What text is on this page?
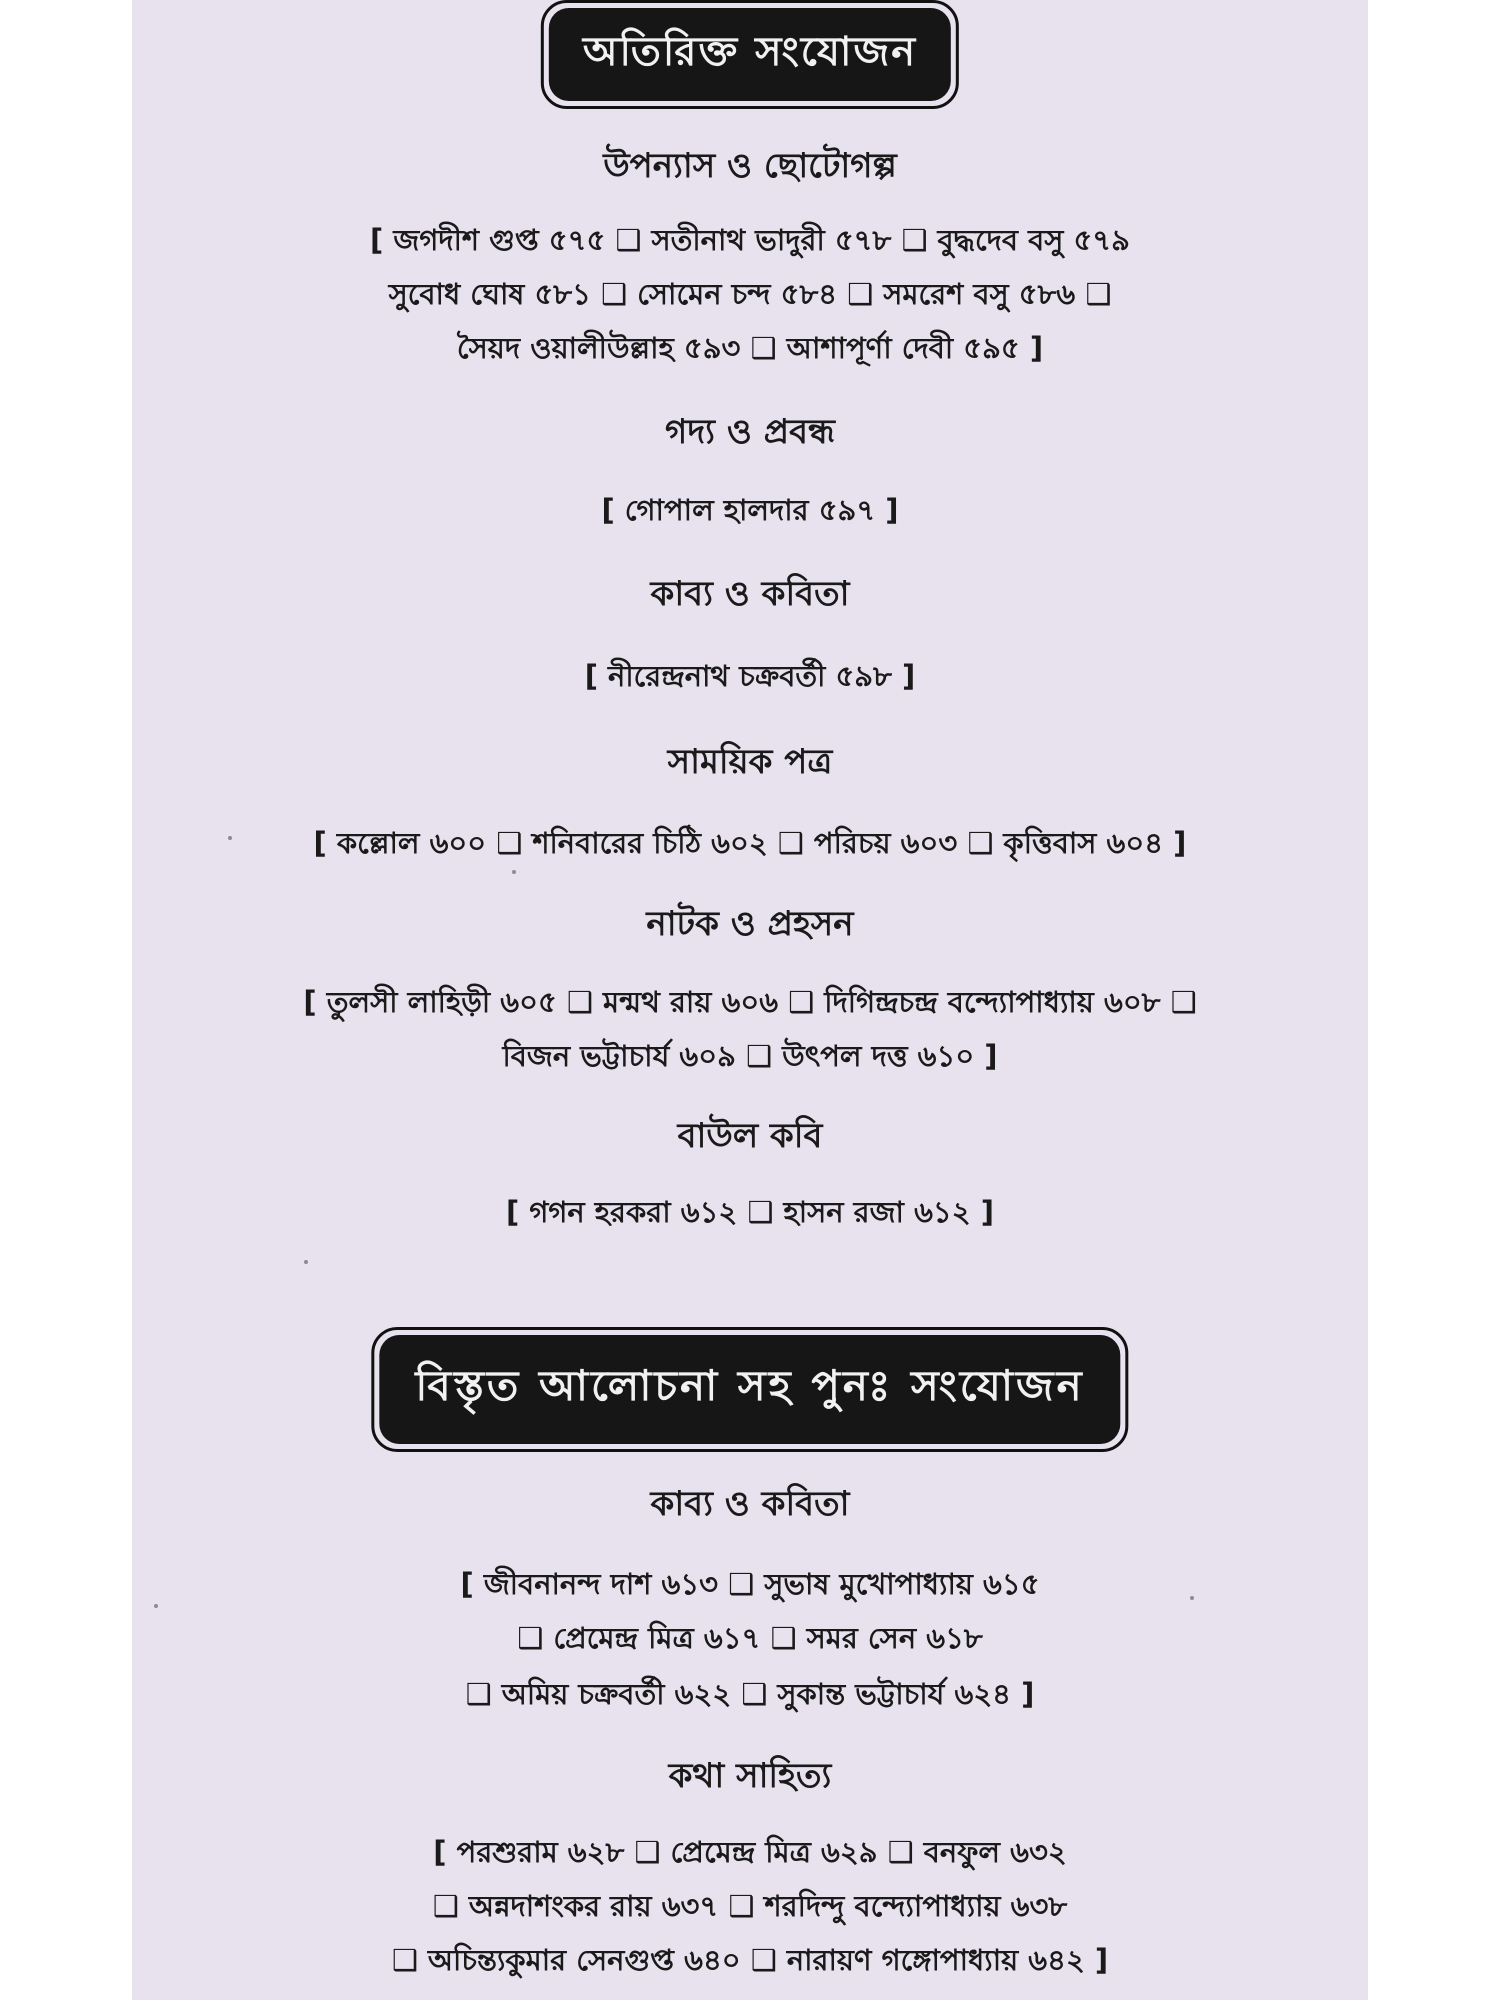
অতিরিক্ত সংযোজন
উপন্যাস ও ছোটোগল্প
[ জগদীশ গুপ্ত ৫৭৫ ❑ সতীনাথ ভাদুরী ৫৭৮ ❑ বুদ্ধদেব বসু ৫৭৯
সুবোধ ঘোষ ৫৮১ ❑ সোমেন চন্দ ৫৮৪ ❑ সমরেশ বসু ৫৮৬ ❑
সৈয়দ ওয়ালীউল্লাহ ৫৯৩ ❑ আশাপূর্ণা দেবী ৫৯৫ ]
গদ্য ও প্রবন্ধ
[ গোপাল হালদার ৫৯৭ ]
কাব্য ও কবিতা
[ নীরেন্দ্রনাথ চক্রবর্তী ৫৯৮ ]
সাময়িক পত্র
[ কল্লোল ৬০০ ❑ শনিবারের চিঠি ৬০২ ❑ পরিচয় ৬০৩ ❑ কৃত্তিবাস ৬০৪ ]
নাটক ও প্রহসন
[ তুলসী লাহিড়ী ৬০৫ ❑ মন্মথ রায় ৬০৬ ❑ দিগিন্দ্রচন্দ্র বন্দ্যোপাধ্যায় ৬০৮ ❑
বিজন ভট্টাচার্য ৬০৯ ❑ উৎপল দত্ত ৬১০ ]
বাউল কবি
[ গগন হরকরা ৬১২ ❑ হাসন রজা ৬১২ ]
বিস্তৃত আলোচনা সহ পুনঃ সংযোজন
কাব্য ও কবিতা
[ জীবনানন্দ দাশ ৬১৩ ❑ সুভাষ মুখোপাধ্যায় ৬১৫
❑ প্রেমেন্দ্র মিত্র ৬১৭ ❑ সমর সেন ৬১৮
❑ অমিয় চক্রবর্তী ৬২২ ❑ সুকান্ত ভট্টাচার্য ৬২৪ ]
কথা সাহিত্য
[ পরশুরাম ৬২৮ ❑ প্রেমেন্দ্র মিত্র ৬২৯ ❑ বনফুল ৬৩২
❑ অন্নদাশংকর রায় ৬৩৭ ❑ শরদিন্দু বন্দ্যোপাধ্যায় ৬৩৮
❑ অচিন্ত্যকুমার সেনগুপ্ত ৬৪০ ❑ নারায়ণ গঙ্গোপাধ্যায় ৬৪২ ]
